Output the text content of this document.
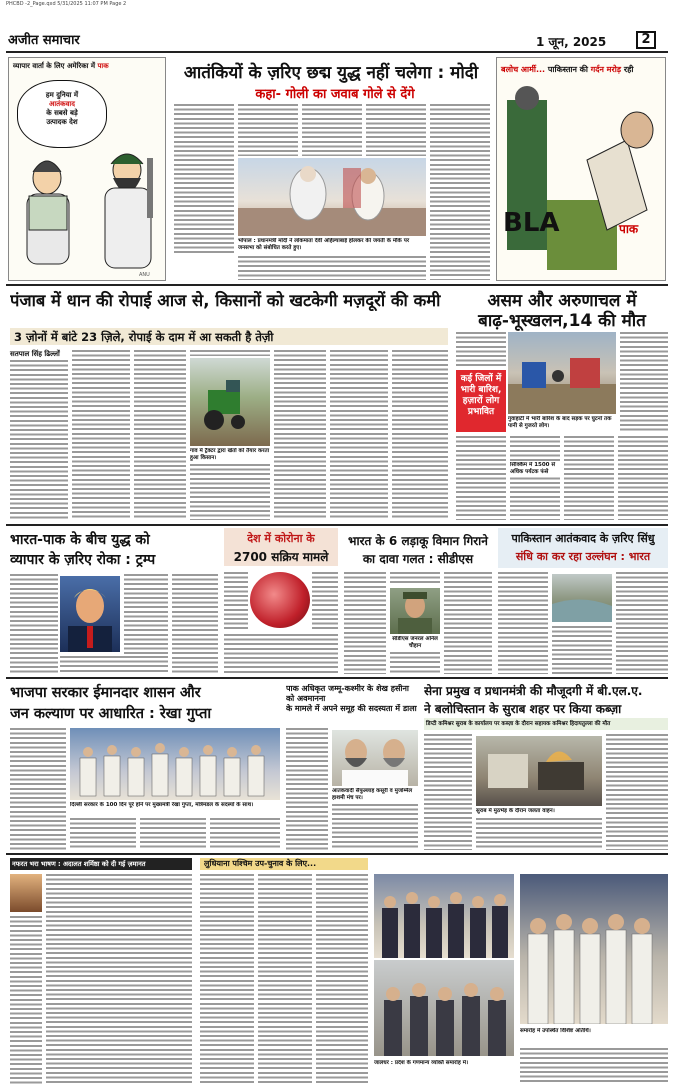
PHCBD -2_Page.qxd 5/31/2025 11:07 PM Page 2
अजीत समाचार	1 जून, 2025	2
व्यापार वार्ता के लिए अमेरिका में पाक
हम दुनिया में
आतंकवाद
के सबसे बड़े
उत्पादक देश
ANU
आतंकियों के ज़रिए छद्म युद्ध नहीं चलेगा : मोदी
कहा- गोली का जवाब गोले से देंगे
भोपाल : प्रधानमंत्री मोदी ने लोकमाता देवी अहिल्याबाई होलकर की जयंती के मौके पर जनसभा को संबोधित करते हुए।
बलोच आर्मी... पाकिस्तान की गर्दन मरोड़ रही
BLA	पाक
पंजाब में धान की रोपाई आज से, किसानों को खटकेगी मज़दूरों की कमी
3 ज़ोनों में बांटे 23 ज़िले, रोपाई के दाम में आ सकती है तेज़ी
सतपाल सिंह ढिल्लों
गांव में ट्रैक्टर द्वारा खेतों को तैयार करता हुआ किसान।
असम और अरुणाचल में
बाढ़-भूस्खलन,14 की मौत
कई जिलों में भारी बारिश, हज़ारों लोग प्रभावित
गुवाहाटी में भारी बारिश के बाद सड़क पर घुटनों तक पानी से गुजरते लोग।
सिक्किम में 1500 से अधिक पर्यटक फंसे
भारत-पाक के बीच युद्ध को
व्यापार के ज़रिए रोका : ट्रम्प
देश में कोरोना के
2700 सक्रिय मामले
भारत के 6 लड़ाकू विमान गिराने
का दावा गलत : सीडीएस
सीडीएस जनरल अनिल चौहान
पाकिस्तान आतंकवाद के ज़रिए सिंधु
संधि का कर रहा उल्लंघन : भारत
भाजपा सरकार ईमानदार शासन और
जन कल्याण पर आधारित : रेखा गुप्ता
दिल्ली सरकार के 100 दिन पूरे होने पर मुख्यमंत्री रेखा गुप्ता, मंत्रिमंडल के सदस्यों के साथ।
पाक अधिकृत जम्मू-कश्मीर के शेख हसीना को अवमानना
के मामले में अपने समूह की सदस्यता में डाला
आतंकवादी सैफुल्लाह कसूरी व मुजम्मिल हाशमी मंच पर।
सेना प्रमुख व प्रधानमंत्री की मौजूदगी में बी.एल.ए.
ने बलोचिस्तान के सुराब शहर पर किया कब्ज़ा
डिप्टी कमिश्नर सुराब के कार्यालय पर कब्ज़ा के दौरान सहायक कमिश्नर हिदायतुल्ला की मौत
सुराब में मुठभेड़ के दौरान जलता वाहन।
नफरत भरा भाषण : अदालत शर्मिष्ठा को दी गई ज़मानत	लुधियाना पश्चिम उप-चुनाव के लिए...
जालंधर : प्रदेश के गणमान्य व्यक्ति समारोह में।
समारोह में उपस्थित विशिष्ट अतिथि।
